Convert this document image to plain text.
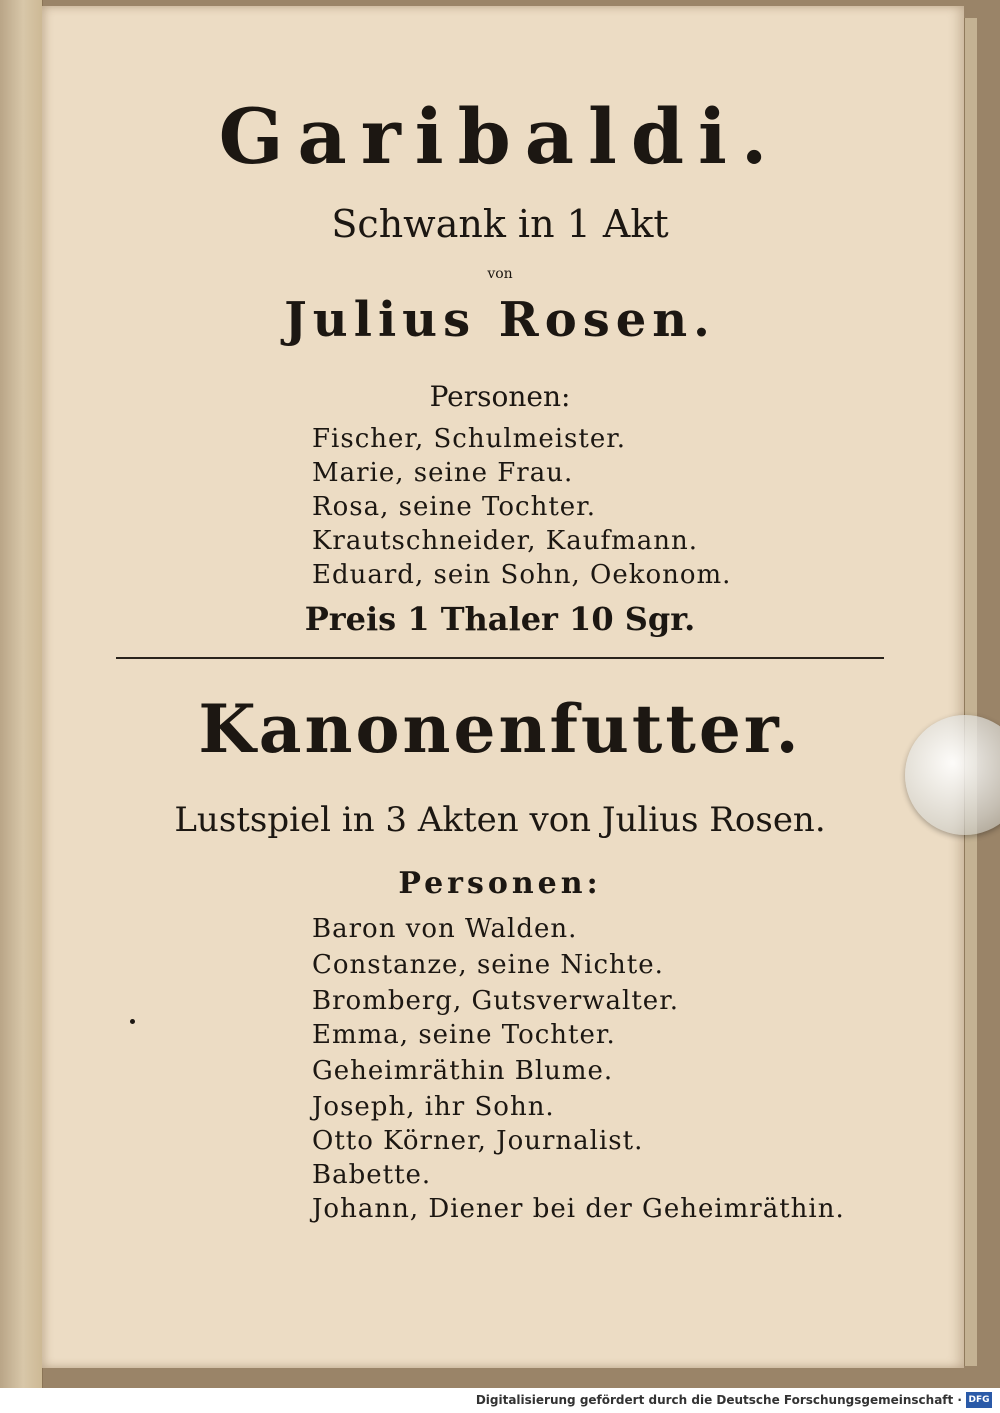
Garibaldi.
Schwank in 1 Akt
von
Julius Rosen.
Personen:
Fischer, Schulmeister.
Marie, seine Frau.
Rosa, seine Tochter.
Krautschneider, Kaufmann.
Eduard, sein Sohn, Oekonom.
Preis 1 Thaler 10 Sgr.
Kanonenfutter.
Lustspiel in 3 Akten von Julius Rosen.
Personen:
Baron von Walden.
Constanze, seine Nichte.
Bromberg, Gutsverwalter.
Emma, seine Tochter.
Geheimräthin Blume.
Joseph, ihr Sohn.
Otto Körner, Journalist.
Babette.
Johann, Diener bei der Geheimräthin.
Digitalisierung gefördert durch die Deutsche Forschungsgemeinschaft · DFG
